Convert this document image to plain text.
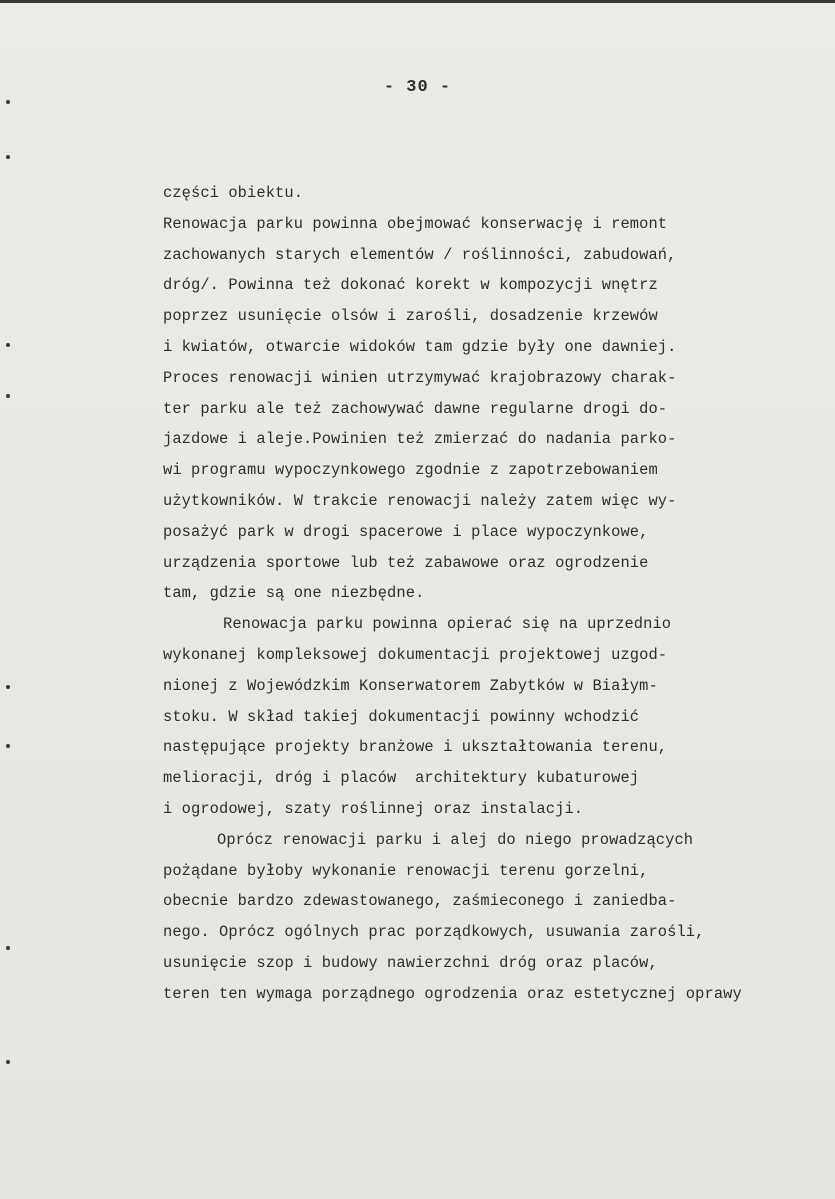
- 30 -
części obiektu.
Renowacja parku powinna obejmować konserwację i remont
zachowanych starych elementów / roślinności, zabudowań,
dróg/. Powinna też dokonać korekt w kompozycji wnętrz
poprzez usunięcie olsów i zarośli, dosadzenie krzewów
i kwiatów, otwarcie widoków tam gdzie były one dawniej.
Proces renowacji winien utrzymywać krajobrazowy charak-
ter parku ale też zachowywać dawne regularne drogi do-
jazdowe i aleje.Powinien też zmierzać do nadania parko-
wi programu wypoczynkowego zgodnie z zapotrzebowaniem
użytkowników. W trakcie renowacji należy zatem więc wy-
posażyć park w drogi spacerowe i place wypoczynkowe,
urządzenia sportowe lub też zabawowe oraz ogrodzenie
tam, gdzie są one niezbędne.
Renowacja parku powinna opierać się na uprzednio
wykonanej kompleksowej dokumentacji projektowej uzgod-
nionej z Wojewódzkim Konserwatorem Zabytków w Białym-
stoku. W skład takiej dokumentacji powinny wchodzić
następujące projekty branżowe i ukształtowania terenu,
melioracji, dróg i placów  architektury kubaturowej
i ogrodowej, szaty roślinnej oraz instalacji.
Oprócz renowacji parku i alej do niego prowadzących
pożądane byłoby wykonanie renowacji terenu gorzelni,
obecnie bardzo zdewastowanego, zaśmieconego i zaniedba-
nego. Oprócz ogólnych prac porządkowych, usuwania zarośli,
usunięcie szop i budowy nawierzchni dróg oraz placów,
teren ten wymaga porządnego ogrodzenia oraz estetycznej oprawy
